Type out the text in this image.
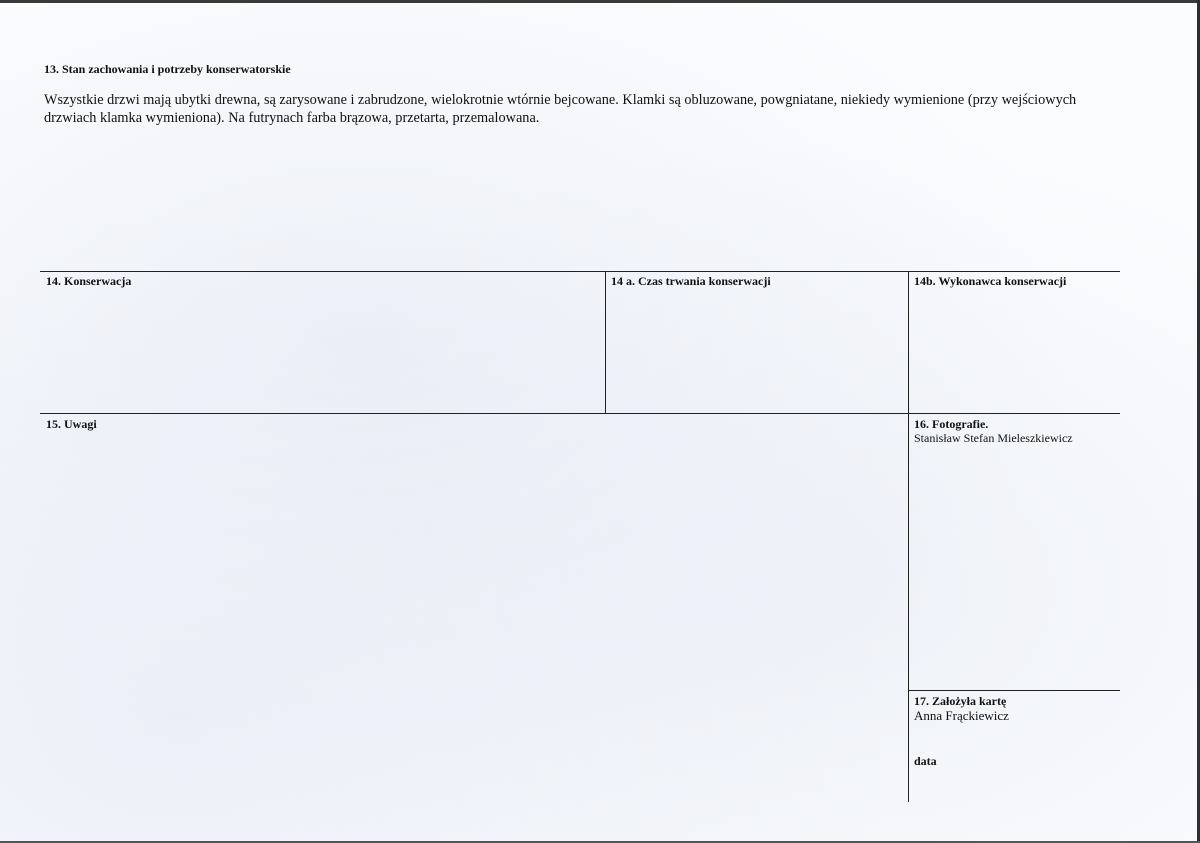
13. Stan zachowania i potrzeby konserwatorskie
Wszystkie drzwi mają ubytki drewna, są zarysowane i zabrudzone, wielokrotnie wtórnie bejcowane. Klamki są obluzowane, powgniatane, niekiedy wymienione (przy wejściowych drzwiach klamka wymieniona). Na futrynach farba brązowa, przetarta, przemalowana.
14. Konserwacja	14 a. Czas trwania konserwacji	14b. Wykonawca konserwacji
15. Uwagi	16. Fotografie.
Stanisław Stefan Mieleszkiewicz
17. Założyła kartę
Anna Frąckiewicz
data
